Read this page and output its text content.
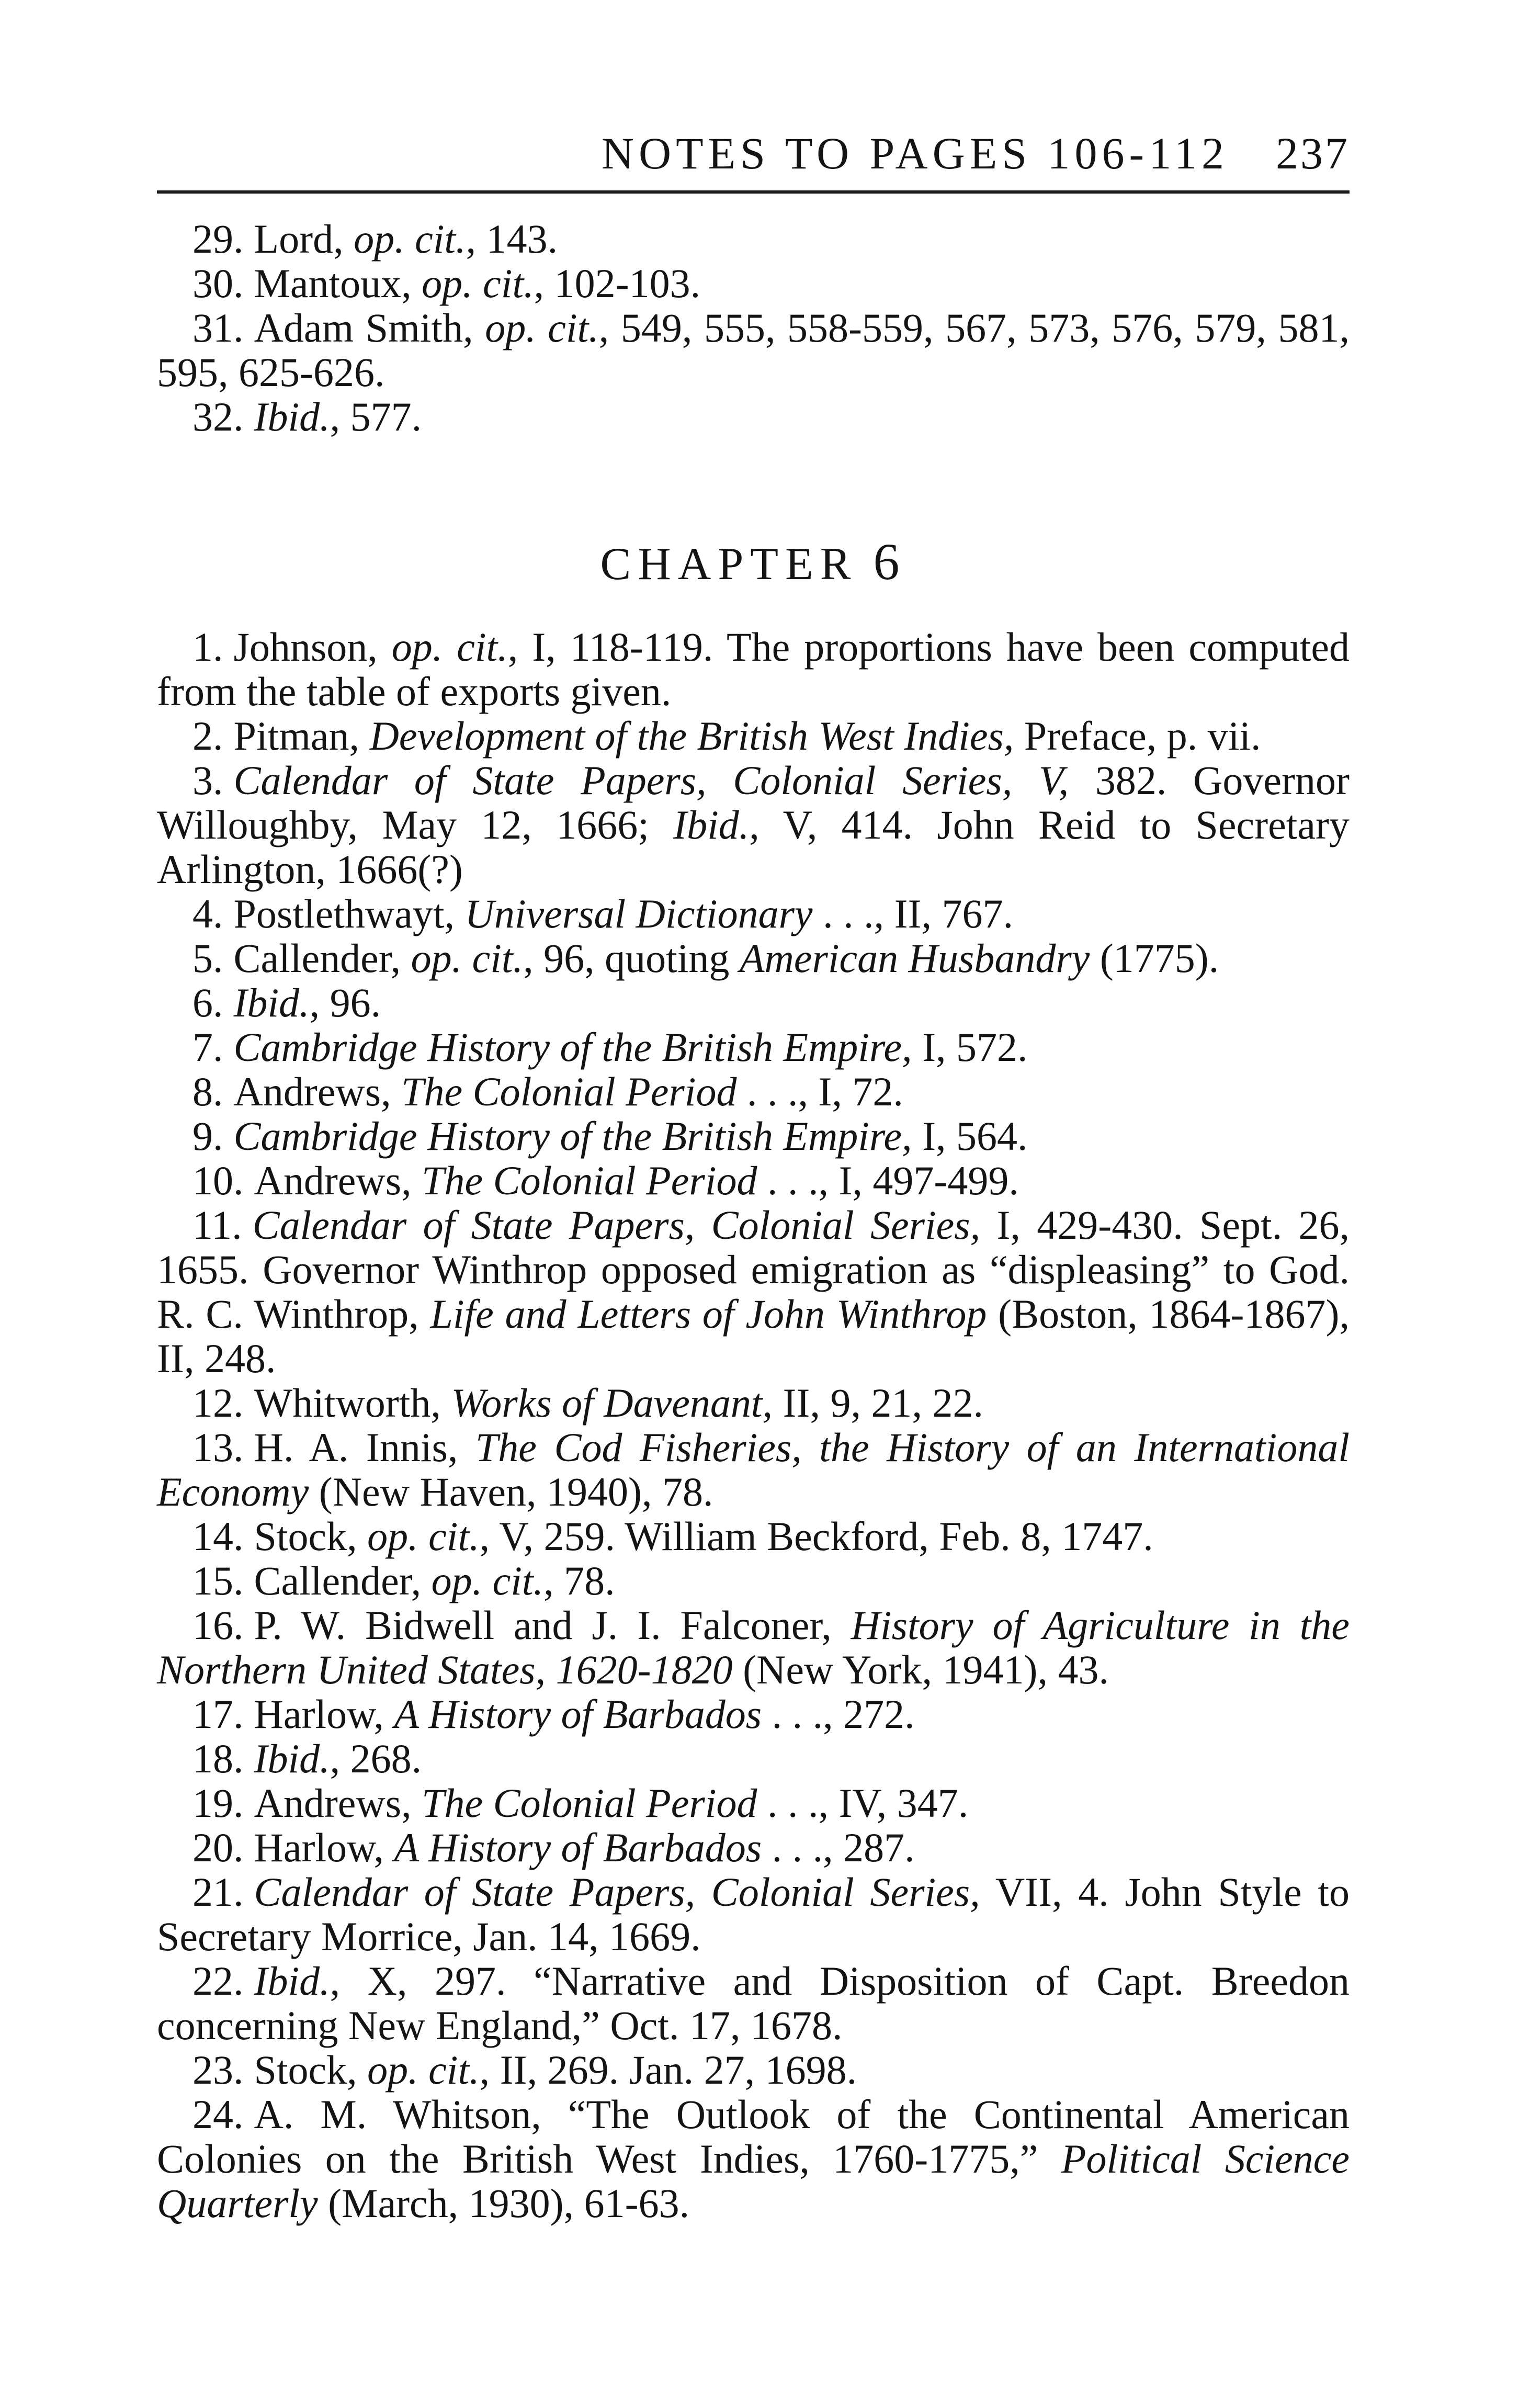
NOTES TO PAGES 106-112 237

29. Lord, op. cit., 143.

30. Mantoux, op. cit., 102-103.

31. Adam Smith, op. cit., 549, 555, 558-559, 567, 573, 576, 579, 581, 595, 625-626.

32. Ibid., 577.

CHAPTER 6

1. Johnson, op. cit., I, 118-119. The proportions have been computed from the table of exports given.

2. Pitman, Development of the British West Indies, Preface, p. vii.

3. Calendar of State Papers, Colonial Series, V, 382. Governor Willoughby, May 12, 1666; Ibid., V, 414. John Reid to Secretary Arlington, 1666(?)

4. Postlethwayt, Universal Dictionary . . ., II, 767.

5. Callender, op. cit., 96, quoting American Husbandry (1775).

6. Ibid., 96.

7. Cambridge History of the British Empire, I, 572.

8. Andrews, The Colonial Period . . ., I, 72.

9. Cambridge History of the British Empire, I, 564.

10. Andrews, The Colonial Period . . ., I, 497-499.

11. Calendar of State Papers, Colonial Series, I, 429-430. Sept. 26, 1655. Governor Winthrop opposed emigration as “displeasing” to God. R. C. Winthrop, Life and Letters of John Winthrop (Boston, 1864-1867), II, 248.

12. Whitworth, Works of Davenant, II, 9, 21, 22.

13. H. A. Innis, The Cod Fisheries, the History of an International Economy (New Haven, 1940), 78.

14. Stock, op. cit., V, 259. William Beckford, Feb. 8, 1747.

15. Callender, op. cit., 78.

16. P. W. Bidwell and J. I. Falconer, History of Agriculture in the Northern United States, 1620-1820 (New York, 1941), 43.

17. Harlow, A History of Barbados . . ., 272.

18. Ibid., 268.

19. Andrews, The Colonial Period . . ., IV, 347.

20. Harlow, A History of Barbados . . ., 287.

21. Calendar of State Papers, Colonial Series, VII, 4. John Style to Secretary Morrice, Jan. 14, 1669.

22. Ibid., X, 297. “Narrative and Disposition of Capt. Breedon concerning New England,” Oct. 17, 1678.

23. Stock, op. cit., II, 269. Jan. 27, 1698.

24. A. M. Whitson, “The Outlook of the Continental American Colonies on the British West Indies, 1760-1775,” Political Science Quarterly (March, 1930), 61-63.
